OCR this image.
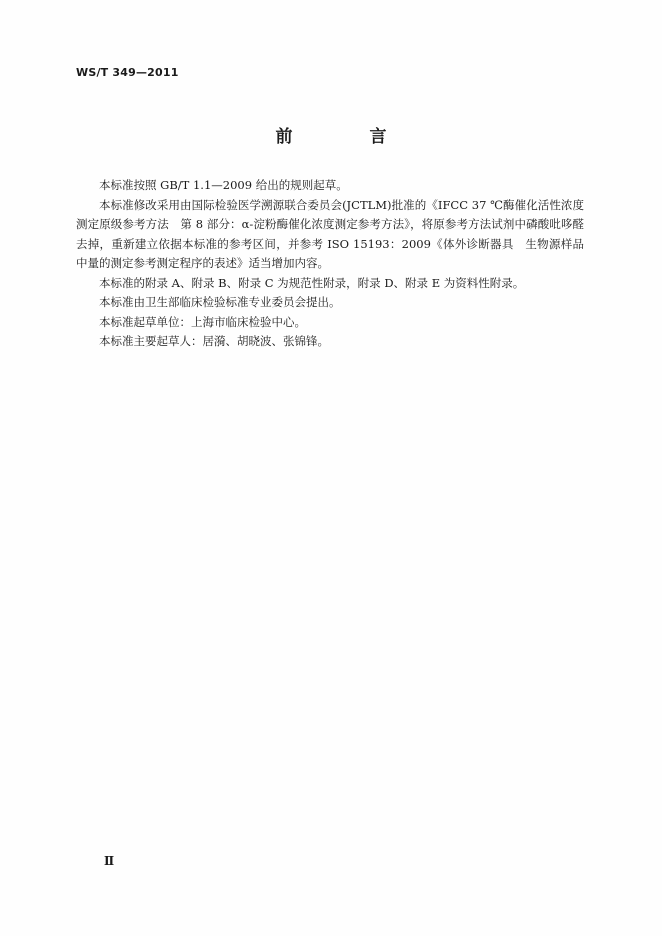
WS/T 349—2011
前　言

本标准按照 GB/T 1.1—2009 给出的规则起草。

本标准修改采用由国际检验医学溯源联合委员会(JCTLM)批准的《IFCC 37 ℃酶催化活性浓度测定原级参考方法　第 8 部分：α-淀粉酶催化浓度测定参考方法》，将原参考方法试剂中磷酸吡哆醛去掉，重新建立依据本标准的参考区间，并参考 ISO 15193：2009《体外诊断器具　生物源样品中量的测定参考测定程序的表述》适当增加内容。

本标准的附录 A、附录 B、附录 C 为规范性附录，附录 D、附录 E 为资料性附录。

本标准由卫生部临床检验标准专业委员会提出。

本标准起草单位：上海市临床检验中心。

本标准主要起草人：居漪、胡晓波、张锦锋。

Ⅱ
